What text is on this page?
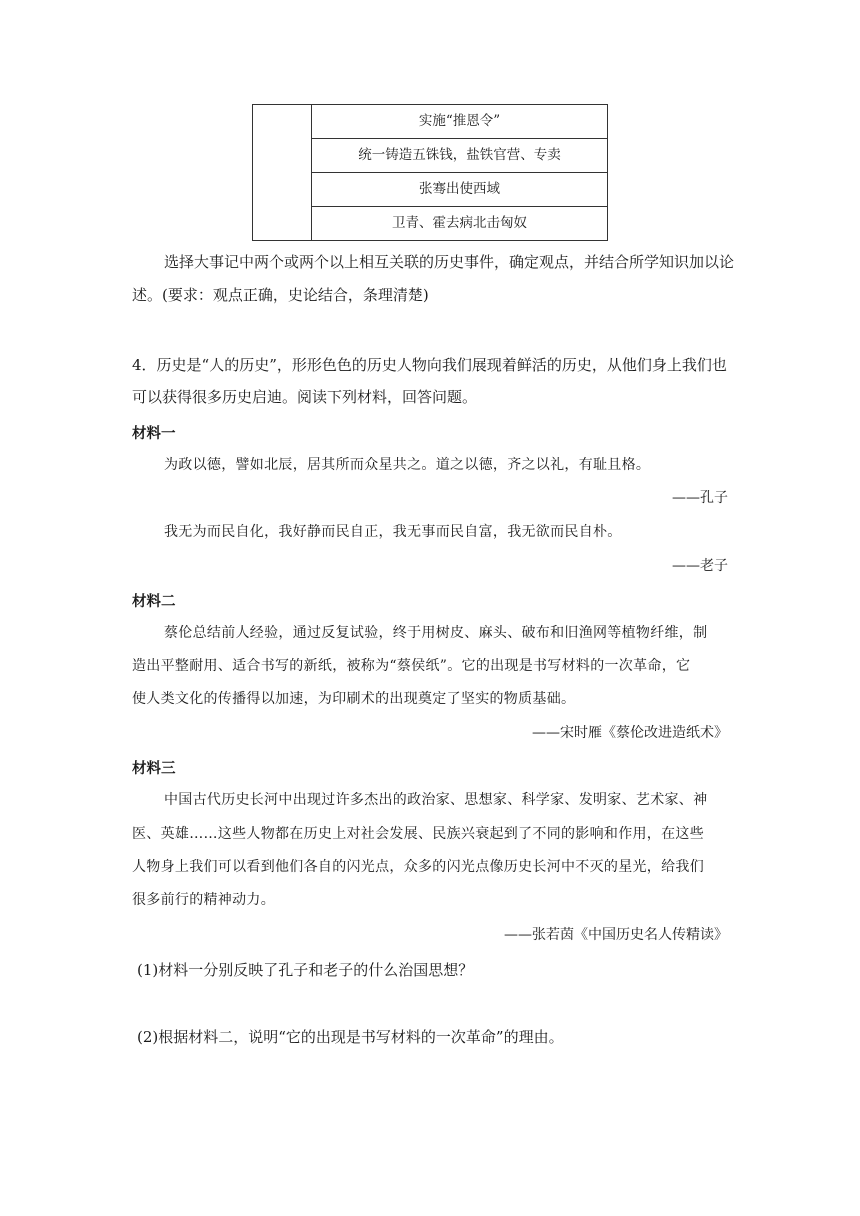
	实施“推恩令”
统一铸造五铢钱，盐铁官营、专卖
张骞出使西域
卫青、霍去病北击匈奴

选择大事记中两个或两个以上相互关联的历史事件，确定观点，并结合所学知识加以论

述。(要求：观点正确，史论结合，条理清楚)

4．历史是“人的历史”，形形色色的历史人物向我们展现着鲜活的历史，从他们身上我们也

可以获得很多历史启迪。阅读下列材料，回答问题。

材料一

为政以德，譬如北辰，居其所而众星共之。道之以德，齐之以礼，有耻且格。

——孔子

我无为而民自化，我好静而民自正，我无事而民自富，我无欲而民自朴。

——老子

材料二

蔡伦总结前人经验，通过反复试验，终于用树皮、麻头、破布和旧渔网等植物纤维，制

造出平整耐用、适合书写的新纸，被称为“蔡侯纸”。它的出现是书写材料的一次革命，它

使人类文化的传播得以加速，为印刷术的出现奠定了坚实的物质基础。

——宋时雁《蔡伦改进造纸术》

材料三

中国古代历史长河中出现过许多杰出的政治家、思想家、科学家、发明家、艺术家、神

医、英雄……这些人物都在历史上对社会发展、民族兴衰起到了不同的影响和作用，在这些

人物身上我们可以看到他们各自的闪光点，众多的闪光点像历史长河中不灭的星光，给我们

很多前行的精神动力。

——张若茵《中国历史名人传精读》

(1)材料一分别反映了孔子和老子的什么治国思想？

(2)根据材料二，说明“它的出现是书写材料的一次革命”的理由。
